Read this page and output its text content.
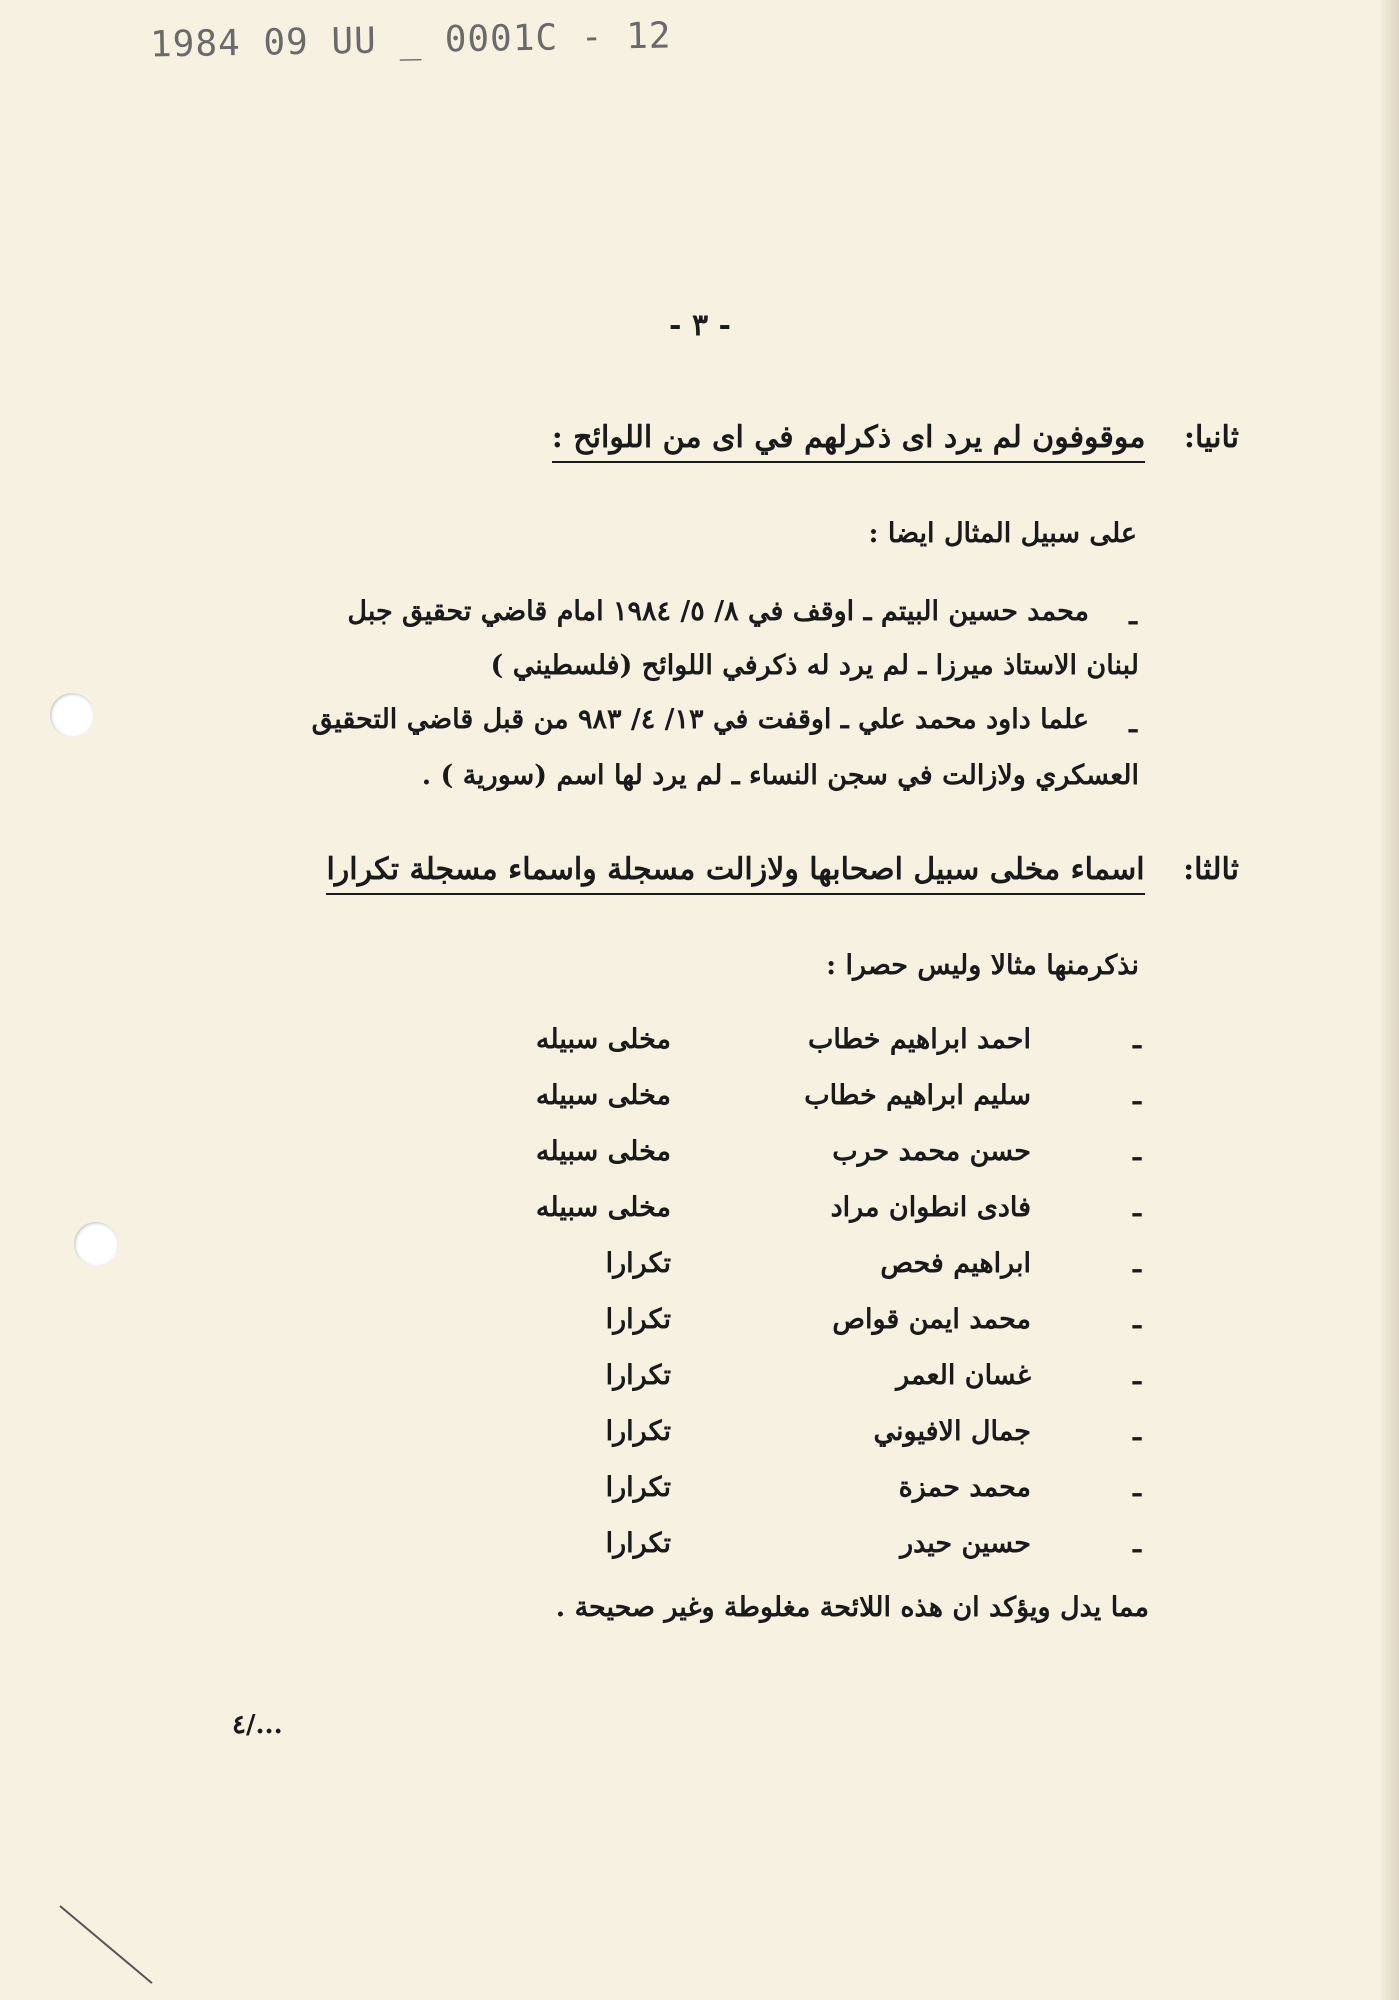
1984 09 UU _ 0001C - 12
- ٣ -
ثانيا: موقوفون لم يرد اى ذكرلهم في اى من اللوائح :
على سبيل المثال ايضا :
ـ
محمد حسين البيتم ـ اوقف في ٨/ ٥/ ١٩٨٤ امام قاضي تحقيق جبل
لبنان الاستاذ ميرزا ـ لم يرد له ذكرفي اللوائح (فلسطيني )
ـ
علما داود محمد علي ـ اوقفت في ١٣/ ٤/ ٩٨٣ من قبل قاضي التحقيق
العسكري ولازالت في سجن النساء ـ لم يرد لها اسم (سورية ) .
ثالثا: اسماء مخلى سبيل اصحابها ولازالت مسجلة واسماء مسجلة تكرارا
نذكرمنها مثالا وليس حصرا :
ـ
احمد ابراهيم خطاب
مخلى سبيله
ـ
سليم ابراهيم خطاب
مخلى سبيله
ـ
حسن محمد حرب
مخلى سبيله
ـ
فادى انطوان مراد
مخلى سبيله
ـ
ابراهيم فحص
تكرارا
ـ
محمد ايمن قواص
تكرارا
ـ
غسان العمر
تكرارا
ـ
جمال الافيوني
تكرارا
ـ
محمد حمزة
تكرارا
ـ
حسين حيدر
تكرارا
مما يدل ويؤكد ان هذه اللائحة مغلوطة وغير صحيحة .
٤/...
